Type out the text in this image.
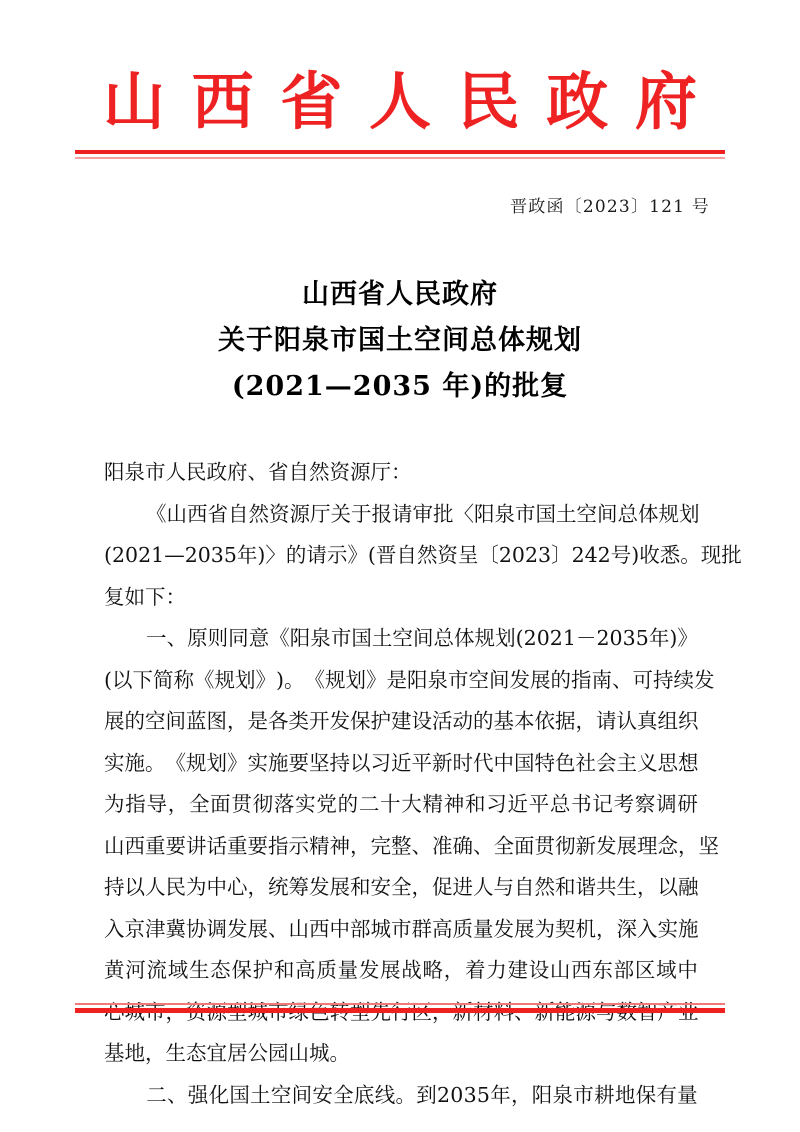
山 西 省 人 民 政 府
晋政函〔2023〕121 号
山西省人民政府
关于阳泉市国土空间总体规划
(2021—2035 年)的批复
阳泉市人民政府、省自然资源厅：
《 山 西 省 自 然 资 源 厅 关 于 报 请 审 批 〈 阳 泉 市 国 土 空 间 总 体 规 划
( 2 0 2 1 — 2 0 3 5 年 ) 〉 的 请 示 》 ( 晋 自 然 资 呈 〔 2 0 2 3 〕 2 4 2 号 ) 收 悉 。 现 批
复如下：
一 、 原 则 同 意 《 阳 泉 市 国 土 空 间 总 体 规 划 ( 2 0 2 1 － 2 0 3 5 年 ) 》
( 以 下 简 称 《 规 划 》 ) 。 《 规 划 》 是 阳 泉 市 空 间 发 展 的 指 南 、 可 持 续 发
展 的 空 间 蓝 图 ， 是 各 类 开 发 保 护 建 设 活 动 的 基 本 依 据 ， 请 认 真 组 织
实 施 。 《 规 划 》 实 施 要 坚 持 以 习 近 平 新 时 代 中 国 特 色 社 会 主 义 思 想
为 指 导 ， 全 面 贯 彻 落 实 党 的 二 十 大 精 神 和 习 近 平 总 书 记 考 察 调 研
山 西 重 要 讲 话 重 要 指 示 精 神 ， 完 整 、 准 确 、 全 面 贯 彻 新 发 展 理 念 ， 坚
持 以 人 民 为 中 心 ， 统 筹 发 展 和 安 全 ， 促 进 人 与 自 然 和 谐 共 生 ， 以 融
入 京 津 冀 协 调 发 展 、 山 西 中 部 城 市 群 高 质 量 发 展 为 契 机 ， 深 入 实 施
黄 河 流 域 生 态 保 护 和 高 质 量 发 展 战 略 ， 着 力 建 设 山 西 东 部 区 域 中
基地，生态宜居公园山城。
二 、 强 化 国 土 空 间 安 全 底 线 。 到 2 0 3 5 年 ， 阳 泉 市 耕 地 保 有 量
